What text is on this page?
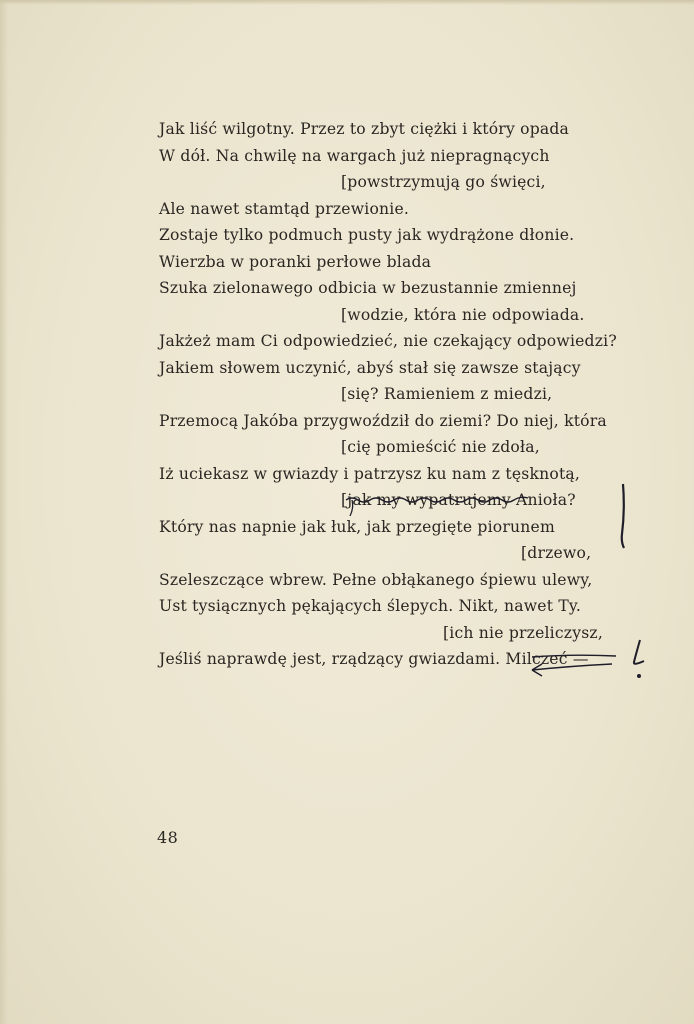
Jak liść wilgotny. Przez to zbyt ciężki i który opada
W dół. Na chwilę na wargach już niepragnących
[powstrzymują go święci,
Ale nawet stamtąd przewionie.
Zostaje tylko podmuch pusty jak wydrążone dłonie.
Wierzba w poranki perłowe blada
Szuka zielonawego odbicia w bezustannie zmiennej
[wodzie, która nie odpowiada.
Jakżeż mam Ci odpowiedzieć, nie czekający odpowiedzi?
Jakiem słowem uczynić, abyś stał się zawsze stający
[się? Ramieniem z miedzi,
Przemocą Jakóba przygwoździł do ziemi? Do niej, która
[cię pomieścić nie zdoła,
Iż uciekasz w gwiazdy i patrzysz ku nam z tęsknotą,
[jak my wypatrujemy Anioła?
Który nas napnie jak łuk, jak przegięte piorunem
[drzewo,
Szeleszczące wbrew. Pełne obłąkanego śpiewu ulewy,
Ust tysiącznych pękających ślepych. Nikt, nawet Ty.
[ich nie przeliczysz,
Jeśliś naprawdę jest, rządzący gwiazdami. Milczeć —
48
